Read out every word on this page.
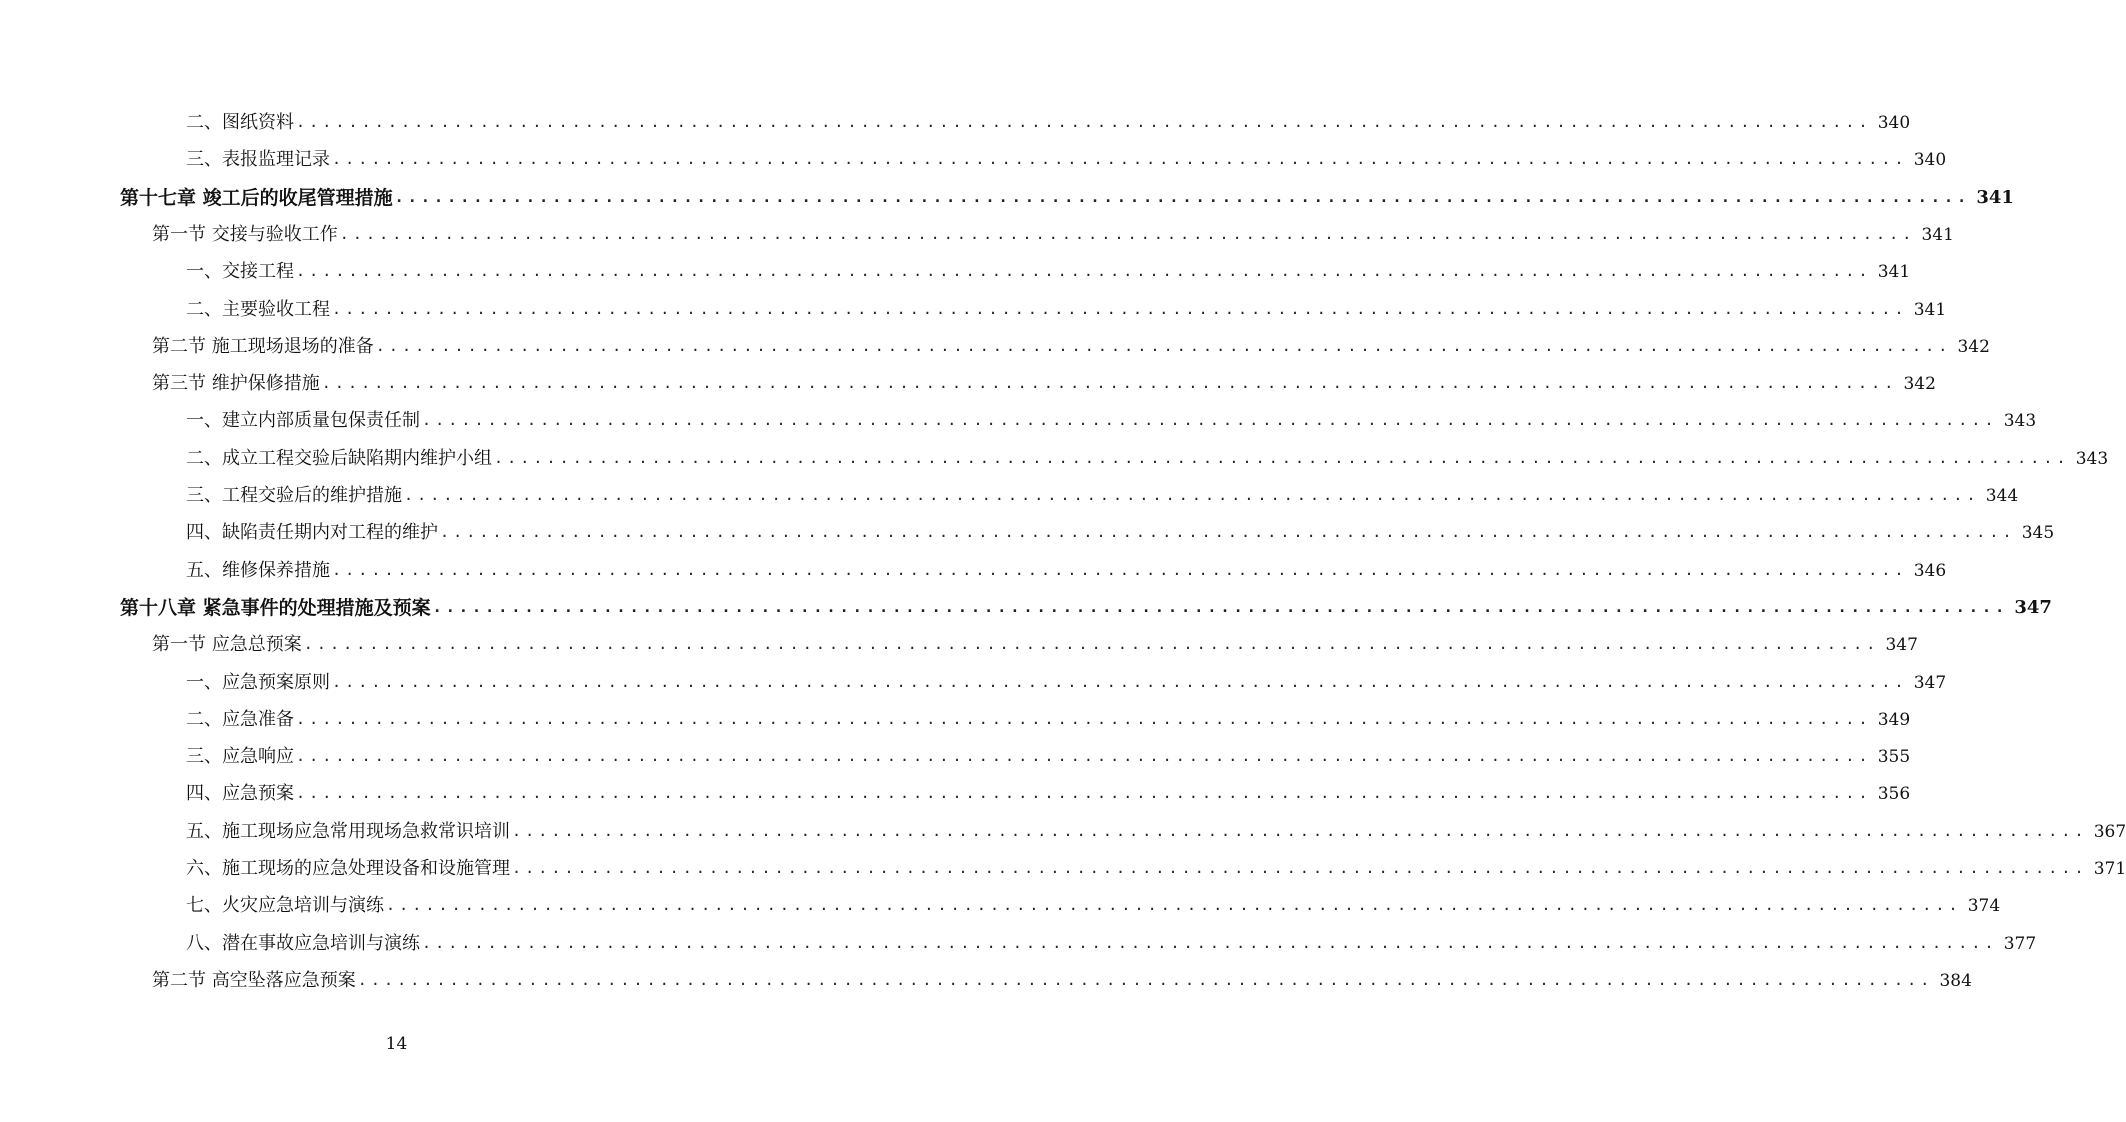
二、图纸资料 ........................................................................................................................ 340
三、表报监理记录 ........................................................................................................................ 340
第十七章 竣工后的收尾管理措施 ........................................................................................................................ 341
第一节 交接与验收工作 ........................................................................................................................ 341
一、交接工程 ........................................................................................................................ 341
二、主要验收工程 ........................................................................................................................ 341
第二节 施工现场退场的准备 ........................................................................................................................ 342
第三节 维护保修措施 ........................................................................................................................ 342
一、建立内部质量包保责任制 ........................................................................................................................ 343
二、成立工程交验后缺陷期内维护小组 ........................................................................................................................ 343
三、工程交验后的维护措施 ........................................................................................................................ 344
四、缺陷责任期内对工程的维护 ........................................................................................................................ 345
五、维修保养措施 ........................................................................................................................ 346
第十八章 紧急事件的处理措施及预案 ........................................................................................................................ 347
第一节 应急总预案 ........................................................................................................................ 347
一、应急预案原则 ........................................................................................................................ 347
二、应急准备 ........................................................................................................................ 349
三、应急响应 ........................................................................................................................ 355
四、应急预案 ........................................................................................................................ 356
五、施工现场应急常用现场急救常识培训 ........................................................................................................................ 367
六、施工现场的应急处理设备和设施管理 ........................................................................................................................ 371
七、火灾应急培训与演练 ........................................................................................................................ 374
八、潜在事故应急培训与演练 ........................................................................................................................ 377
第二节 高空坠落应急预案 ........................................................................................................................ 384
14
